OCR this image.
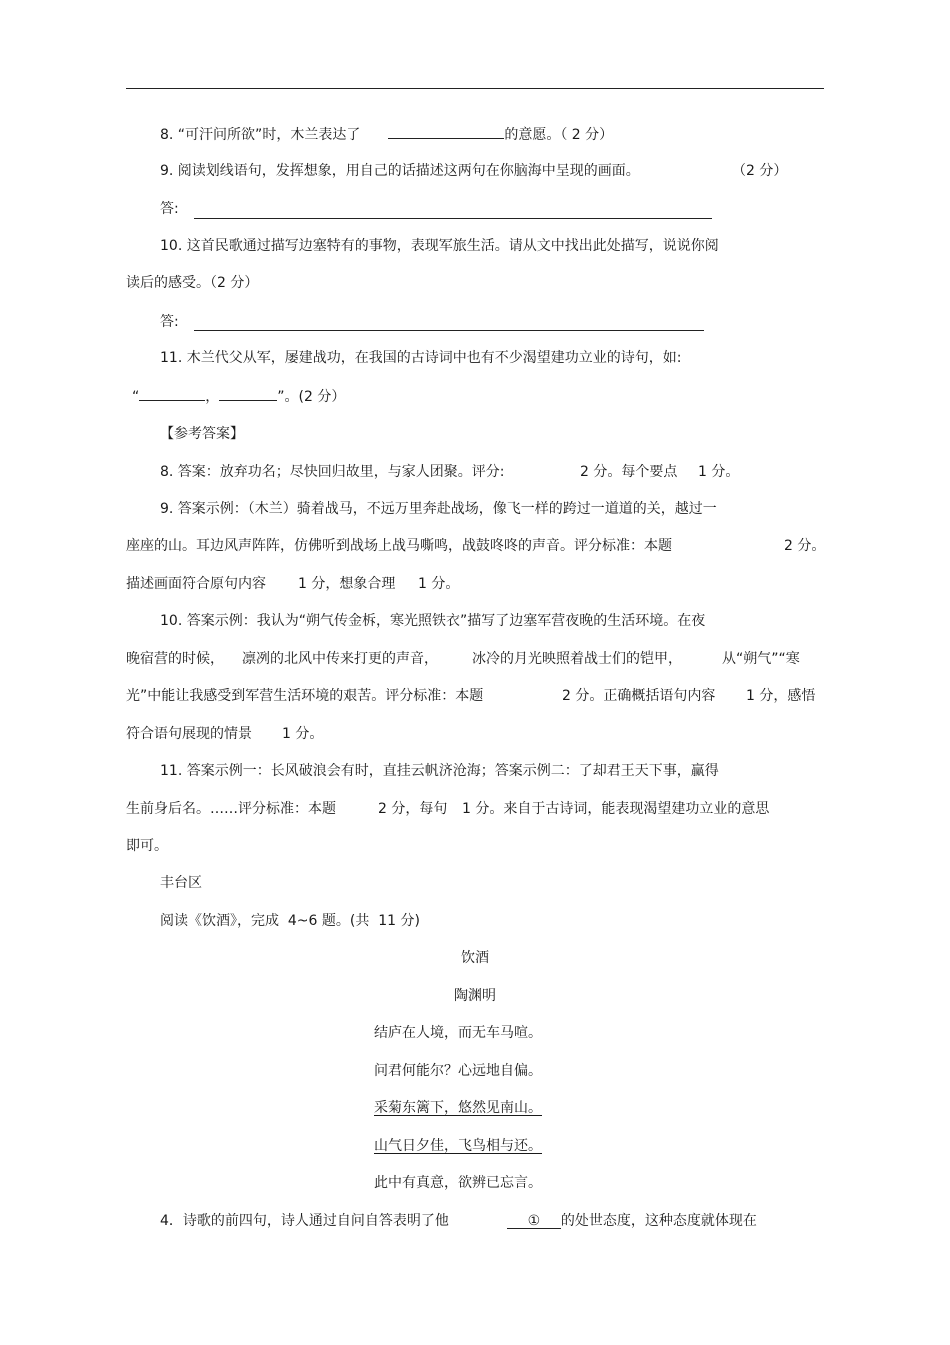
8. “可汗问所欲”时，木兰表达了	的意愿。（ 2 分）
9. 阅读划线语句，发挥想象，用自己的话描述这两句在你脑海中呈现的画面。	（2 分）
答:
10. 这首民歌通过描写边塞特有的事物，表现军旅生活。请从文中找出此处描写，说说你阅
读后的感受。（2 分）
答:
11. 木兰代父从军，屡建战功，在我国的古诗词中也有不少渴望建功立业的诗句，如:
“	，	”。(2 分）
【参考答案】
8. 答案：放弃功名；尽快回归故里，与家人团聚。评分:	2 分。每个要点 1 分。
9. 答案示例：（木兰）骑着战马，不远万里奔赴战场，像飞一样的跨过一道道的关，越过一
座座的山。耳边风声阵阵，仿佛听到战场上战马嘶鸣，战鼓咚咚的声音。评分标准：本题	2 分。
描述画面符合原句内容 1 分，想象合理 1 分。
10. 答案示例：我认为“朔气传金柝，寒光照铁衣”描写了边塞军营夜晚的生活环境。在夜
晚宿营的时候， 凛冽的北风中传来打更的声音， 冰冷的月光映照着战士们的铠甲，	从“朔气”“寒
光”中能让我感受到军营生活环境的艰苦。评分标准：本题	2 分。正确概括语句内容 1 分，感悟
符合语句展现的情景 1 分。
11. 答案示例一：长风破浪会有时，直挂云帆济沧海；答案示例二：了却君王天下事，赢得
生前身后名。……评分标准：本题	2 分，每句 1 分。来自于古诗词，能表现渴望建功立业的意思
即可。
丰台区
阅读《饮酒》，完成  4~6 题。(共  11 分)
饮酒
陶渊明
结庐在人境，而无车马喧。
问君何能尔？心远地自偏。
采菊东篱下，悠然见南山。
山气日夕佳，飞鸟相与还。
此中有真意，欲辨已忘言。
4．诗歌的前四句，诗人通过自问自答表明了他	① 的处世态度，这种态度就体现在
